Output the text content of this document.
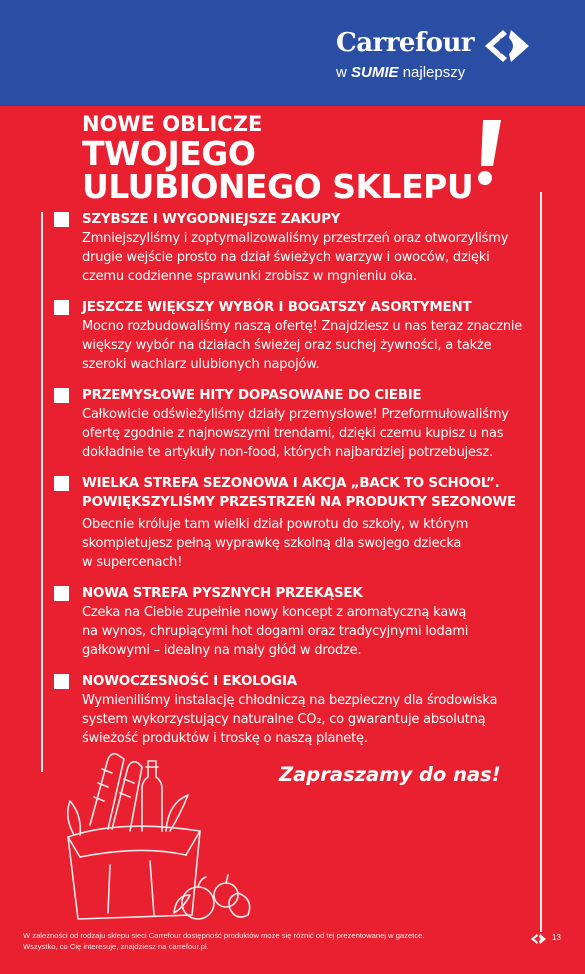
Carrefour
w SUMIE najlepszy
NOWE OBLICZE
TWOJEGO
ULUBIONEGO SKLEPU
SZYBSZE I WYGODNIEJSZE ZAKUPY
Zmniejszyliśmy i zoptymalizowaliśmy przestrzeń oraz otworzyliśmy
drugie wejście prosto na dział świeżych warzyw i owoców, dzięki
czemu codzienne sprawunki zrobisz w mgnieniu oka.
JESZCZE WIĘKSZY WYBÓR I BOGATSZY ASORTYMENT
Mocno rozbudowaliśmy naszą ofertę! Znajdziesz u nas teraz znacznie
większy wybór na działach świeżej oraz suchej żywności, a także
szeroki wachlarz ulubionych napojów.
PRZEMYSŁOWE HITY DOPASOWANE DO CIEBIE
Całkowicie odświeżyliśmy działy przemysłowe! Przeformułowaliśmy
ofertę zgodnie z najnowszymi trendami, dzięki czemu kupisz u nas
dokładnie te artykuły non-food, których najbardziej potrzebujesz.
WIELKA STREFA SEZONOWA I AKCJA „BACK TO SCHOOL”.
POWIĘKSZYLIŚMY PRZESTRZEŃ NA PRODUKTY SEZONOWE
Obecnie króluje tam wielki dział powrotu do szkoły, w którym
skompletujesz pełną wyprawkę szkolną dla swojego dziecka
w supercenach!
NOWA STREFA PYSZNYCH PRZEKĄSEK
Czeka na Ciebie zupełnie nowy koncept z aromatyczną kawą
na wynos, chrupiącymi hot dogami oraz tradycyjnymi lodami
gałkowymi – idealny na mały głód w drodze.
NOWOCZESNOŚĆ I EKOLOGIA
Wymieniliśmy instalację chłodniczą na bezpieczny dla środowiska
system wykorzystujący naturalne CO₂, co gwarantuje absolutną
świeżość produktów i troskę o naszą planetę.
Zapraszamy do nas!
W zależności od rodzaju sklepu sieci Carrefour dostępność produktów może się różnić od tej prezentowanej w gazetce.
Wszystko, co Cię interesuje, znajdziesz na carrefour.pl.
13
